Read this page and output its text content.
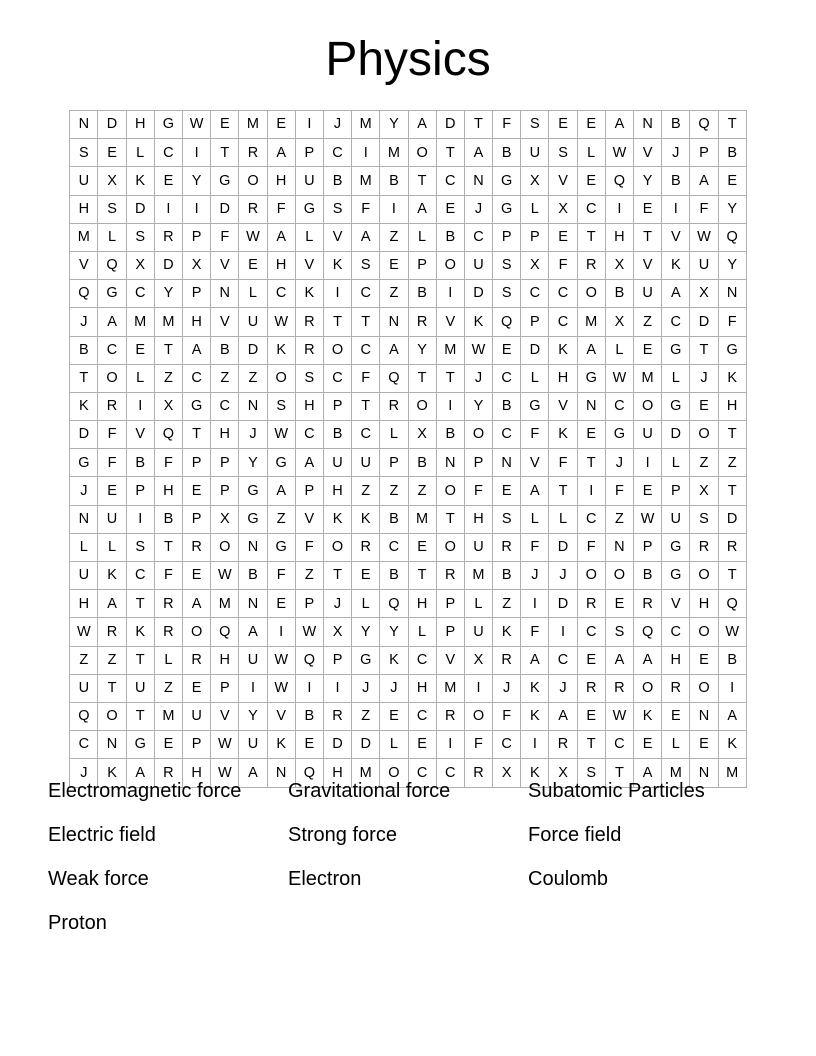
Physics
N	D	H	G	W	E	M	E	I	J	M	Y	A	D	T	F	S	E	E	A	N	B	Q	T
S	E	L	C	I	T	R	A	P	C	I	M	O	T	A	B	U	S	L	W	V	J	P	B
U	X	K	E	Y	G	O	H	U	B	M	B	T	C	N	G	X	V	E	Q	Y	B	A	E
H	S	D	I	I	D	R	F	G	S	F	I	A	E	J	G	L	X	C	I	E	I	F	Y
M	L	S	R	P	F	W	A	L	V	A	Z	L	B	C	P	P	E	T	H	T	V	W	Q
V	Q	X	D	X	V	E	H	V	K	S	E	P	O	U	S	X	F	R	X	V	K	U	Y
Q	G	C	Y	P	N	L	C	K	I	C	Z	B	I	D	S	C	C	O	B	U	A	X	N
J	A	M	M	H	V	U	W	R	T	T	N	R	V	K	Q	P	C	M	X	Z	C	D	F
B	C	E	T	A	B	D	K	R	O	C	A	Y	M	W	E	D	K	A	L	E	G	T	G
T	O	L	Z	C	Z	Z	O	S	C	F	Q	T	T	J	C	L	H	G	W	M	L	J	K
K	R	I	X	G	C	N	S	H	P	T	R	O	I	Y	B	G	V	N	C	O	G	E	H
D	F	V	Q	T	H	J	W	C	B	C	L	X	B	O	C	F	K	E	G	U	D	O	T
G	F	B	F	P	P	Y	G	A	U	U	P	B	N	P	N	V	F	T	J	I	L	Z	Z
J	E	P	H	E	P	G	A	P	H	Z	Z	Z	O	F	E	A	T	I	F	E	P	X	T
N	U	I	B	P	X	G	Z	V	K	K	B	M	T	H	S	L	L	C	Z	W	U	S	D
L	L	S	T	R	O	N	G	F	O	R	C	E	O	U	R	F	D	F	N	P	G	R	R
U	K	C	F	E	W	B	F	Z	T	E	B	T	R	M	B	J	J	O	O	B	G	O	T
H	A	T	R	A	M	N	E	P	J	L	Q	H	P	L	Z	I	D	R	E	R	V	H	Q
W	R	K	R	O	Q	A	I	W	X	Y	Y	L	P	U	K	F	I	C	S	Q	C	O	W
Z	Z	T	L	R	H	U	W	Q	P	G	K	C	V	X	R	A	C	E	A	A	H	E	B
U	T	U	Z	E	P	I	W	I	I	J	J	H	M	I	J	K	J	R	R	O	R	O	I
Q	O	T	M	U	V	Y	V	B	R	Z	E	C	R	O	F	K	A	E	W	K	E	N	A
C	N	G	E	P	W	U	K	E	D	D	L	E	I	F	C	I	R	T	C	E	L	E	K
J	K	A	R	H	W	A	N	Q	H	M	O	C	C	R	X	K	X	S	T	A	M	N	M
Electromagnetic force	Gravitational force	Subatomic Particles
Electric field	Strong force	Force field
Weak force	Electron	Coulomb
Proton
